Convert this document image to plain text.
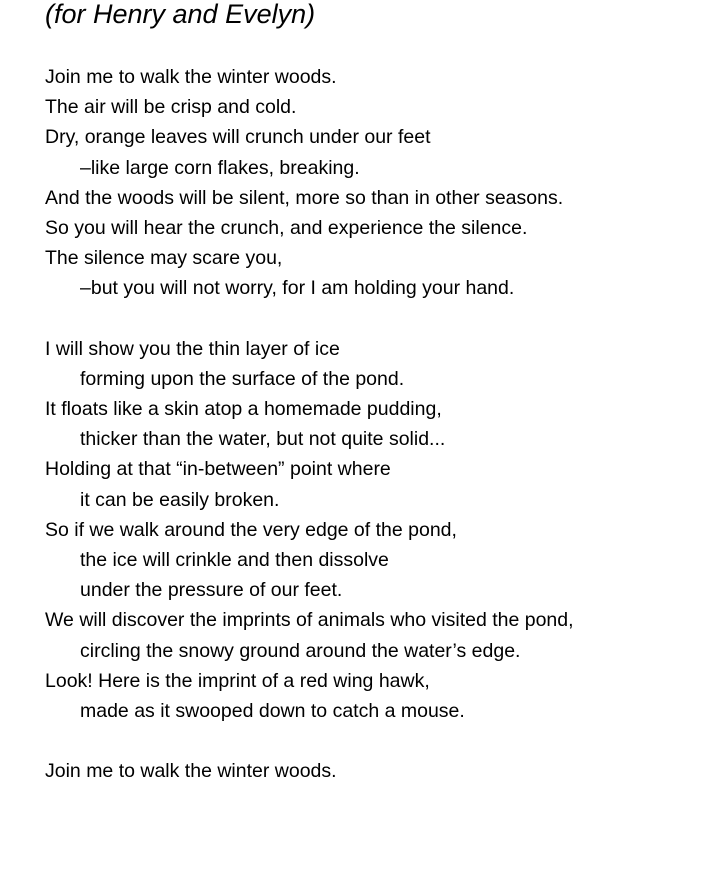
(for Henry and Evelyn)
Join me to walk the winter woods.
The air will be crisp and cold.
Dry, orange leaves will crunch under our feet
–like large corn flakes, breaking.
And the woods will be silent, more so than in other seasons.
So you will hear the crunch, and experience the silence.
The silence may scare you,
–but you will not worry, for I am holding your hand.
I will show you the thin layer of ice
forming upon the surface of the pond.
It floats like a skin atop a homemade pudding,
thicker than the water, but not quite solid...
Holding at that “in-between” point where
it can be easily broken.
So if we walk around the very edge of the pond,
the ice will crinkle and then dissolve
under the pressure of our feet.
We will discover the imprints of animals who visited the pond,
circling the snowy ground around the water’s edge.
Look! Here is the imprint of a red wing hawk,
made as it swooped down to catch a mouse.
Join me to walk the winter woods.
